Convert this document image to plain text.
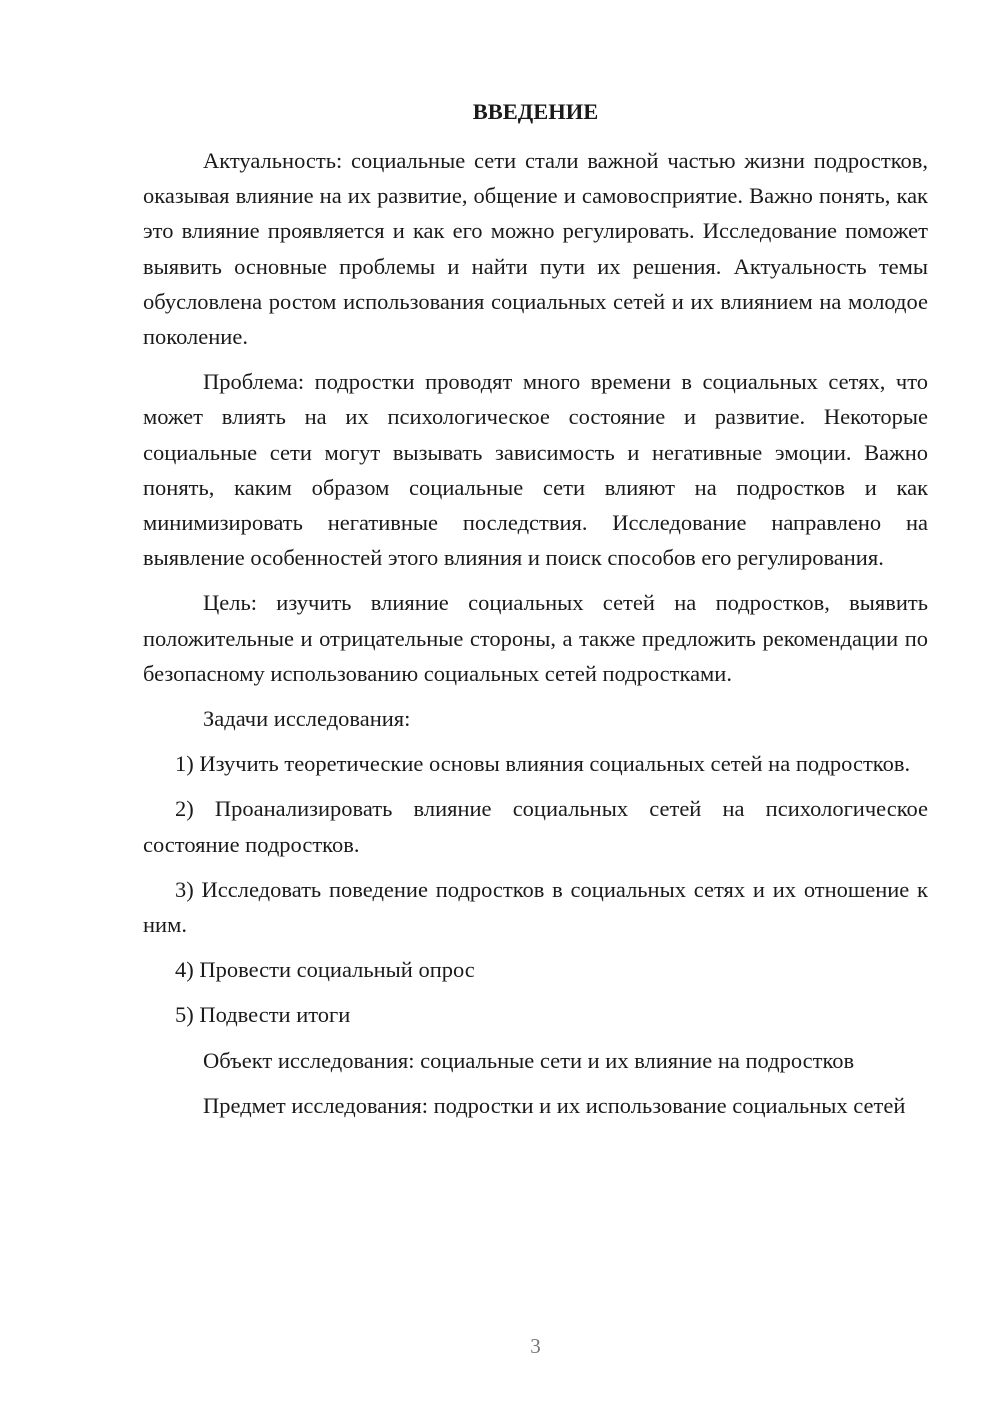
ВВЕДЕНИЕ

Актуальность: социальные сети стали важной частью жизни подростков, оказывая влияние на их развитие, общение и самовосприятие. Важно понять, как это влияние проявляется и как его можно регулировать. Исследование поможет выявить основные проблемы и найти пути их решения. Актуальность темы обусловлена ростом использования социальных сетей и их влиянием на молодое поколение.

Проблема: подростки проводят много времени в социальных сетях, что может влиять на их психологическое состояние и развитие. Некоторые социальные сети могут вызывать зависимость и негативные эмоции. Важно понять, каким образом социальные сети влияют на подростков и как минимизировать негативные последствия. Исследование направлено на выявление особенностей этого влияния и поиск способов его регулирования.

Цель: изучить влияние социальных сетей на подростков, выявить положительные и отрицательные стороны, а также предложить рекомендации по безопасному использованию социальных сетей подростками.

Задачи исследования:

1) Изучить теоретические основы влияния социальных сетей на подростков.
2) Проанализировать влияние социальных сетей на психологическое состояние подростков.
3) Исследовать поведение подростков в социальных сетях и их отношение к ним.
4) Провести социальный опрос
5) Подвести итоги

Объект исследования: социальные сети и их влияние на подростков

Предмет исследования: подростки и их использование социальных сетей

3
